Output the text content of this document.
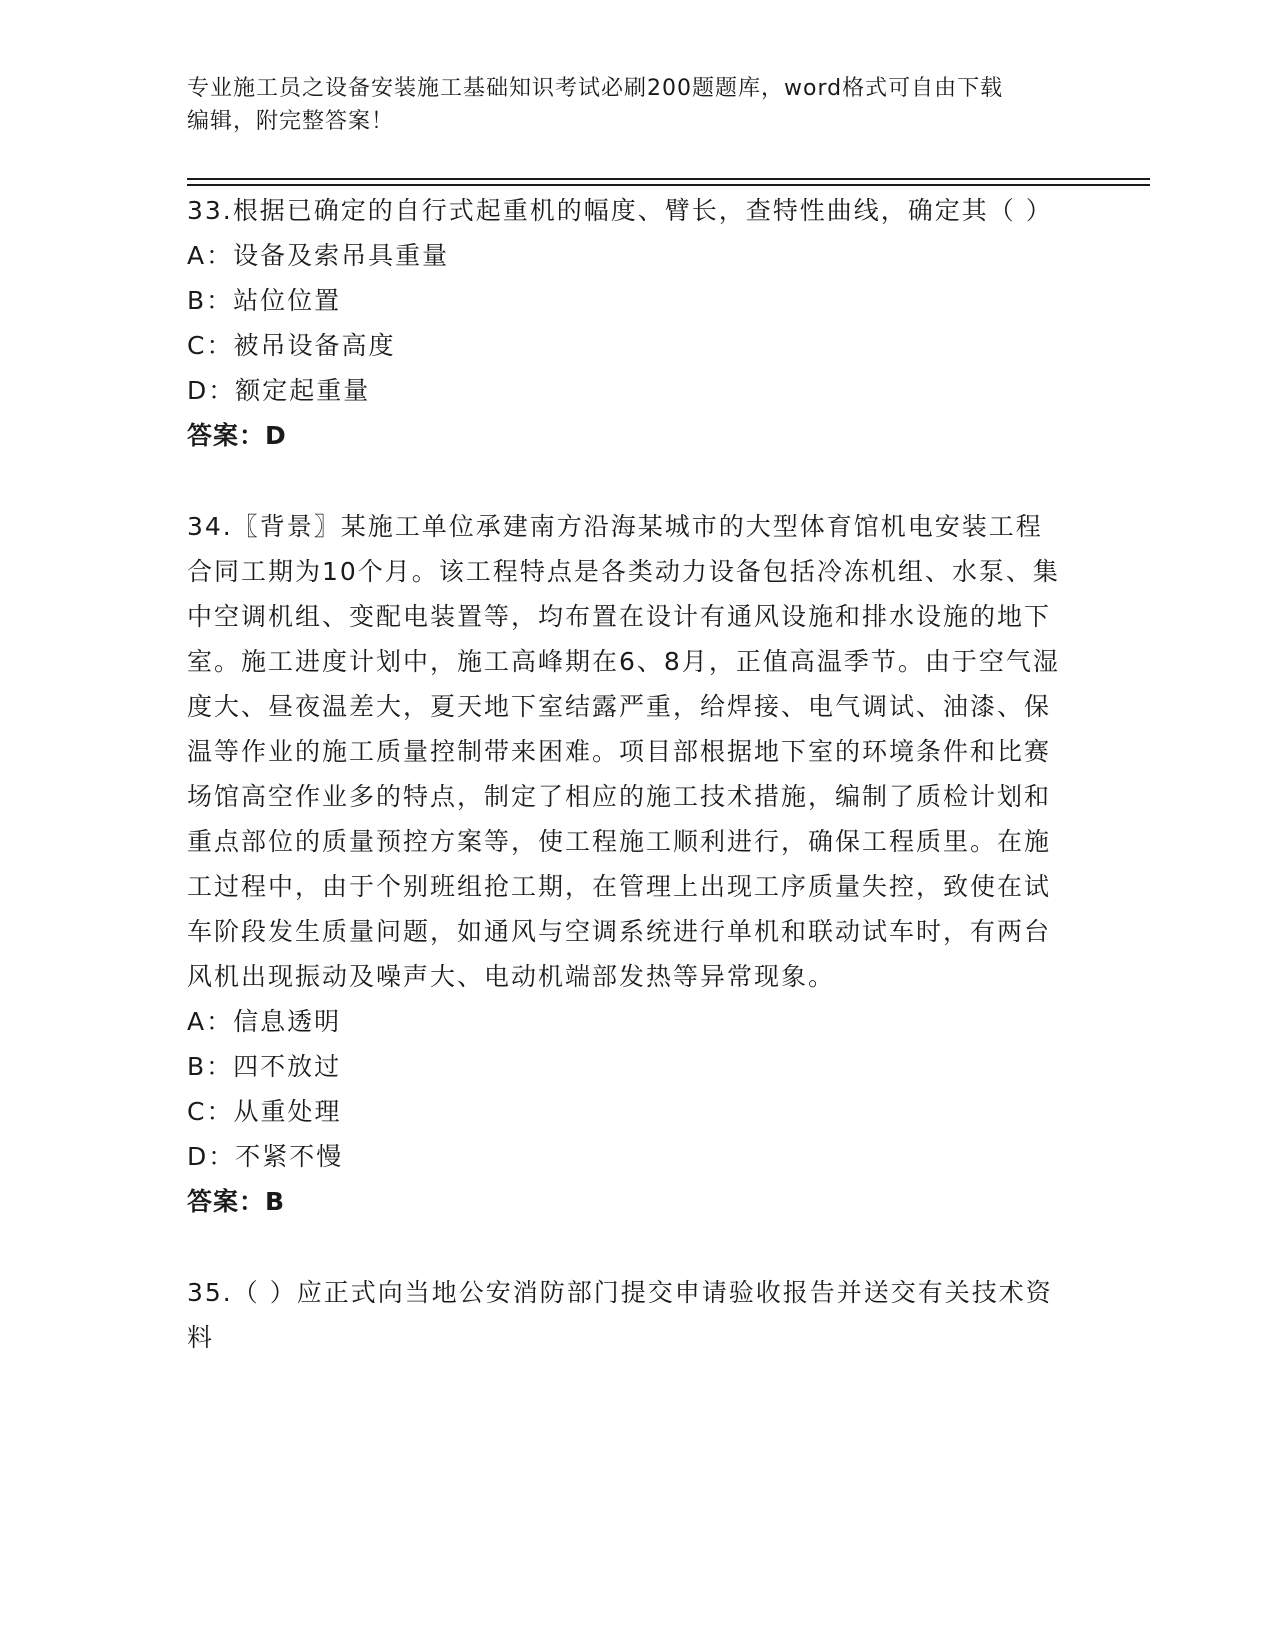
专业施工员之设备安装施工基础知识考试必刷200题题库，word格式可自由下载
编辑，附完整答案！

33.根据已确定的自行式起重机的幅度、臂长，查特性曲线，确定其（ ）

A：设备及索吊具重量

B：站位位置

C：被吊设备高度

D：额定起重量

答案：D

34.〖背景〗某施工单位承建南方沿海某城市的大型体育馆机电安装工程合同工期为10个月。该工程特点是各类动力设备包括冷冻机组、水泵、集中空调机组、变配电装置等，均布置在设计有通风设施和排水设施的地下室。施工进度计划中，施工高峰期在6、8月，正值高温季节。由于空气湿度大、昼夜温差大，夏天地下室结露严重，给焊接、电气调试、油漆、保温等作业的施工质量控制带来困难。项目部根据地下室的环境条件和比赛场馆高空作业多的特点，制定了相应的施工技术措施，编制了质检计划和重点部位的质量预控方案等，使工程施工顺利进行，确保工程质里。在施工过程中，由于个别班组抢工期，在管理上出现工序质量失控，致使在试车阶段发生质量问题，如通风与空调系统进行单机和联动试车时，有两台风机出现振动及噪声大、电动机端部发热等异常现象。

A：信息透明

B：四不放过

C：从重处理

D：不紧不慢

答案：B

35.（ ）应正式向当地公安消防部门提交申请验收报告并送交有关技术资料
